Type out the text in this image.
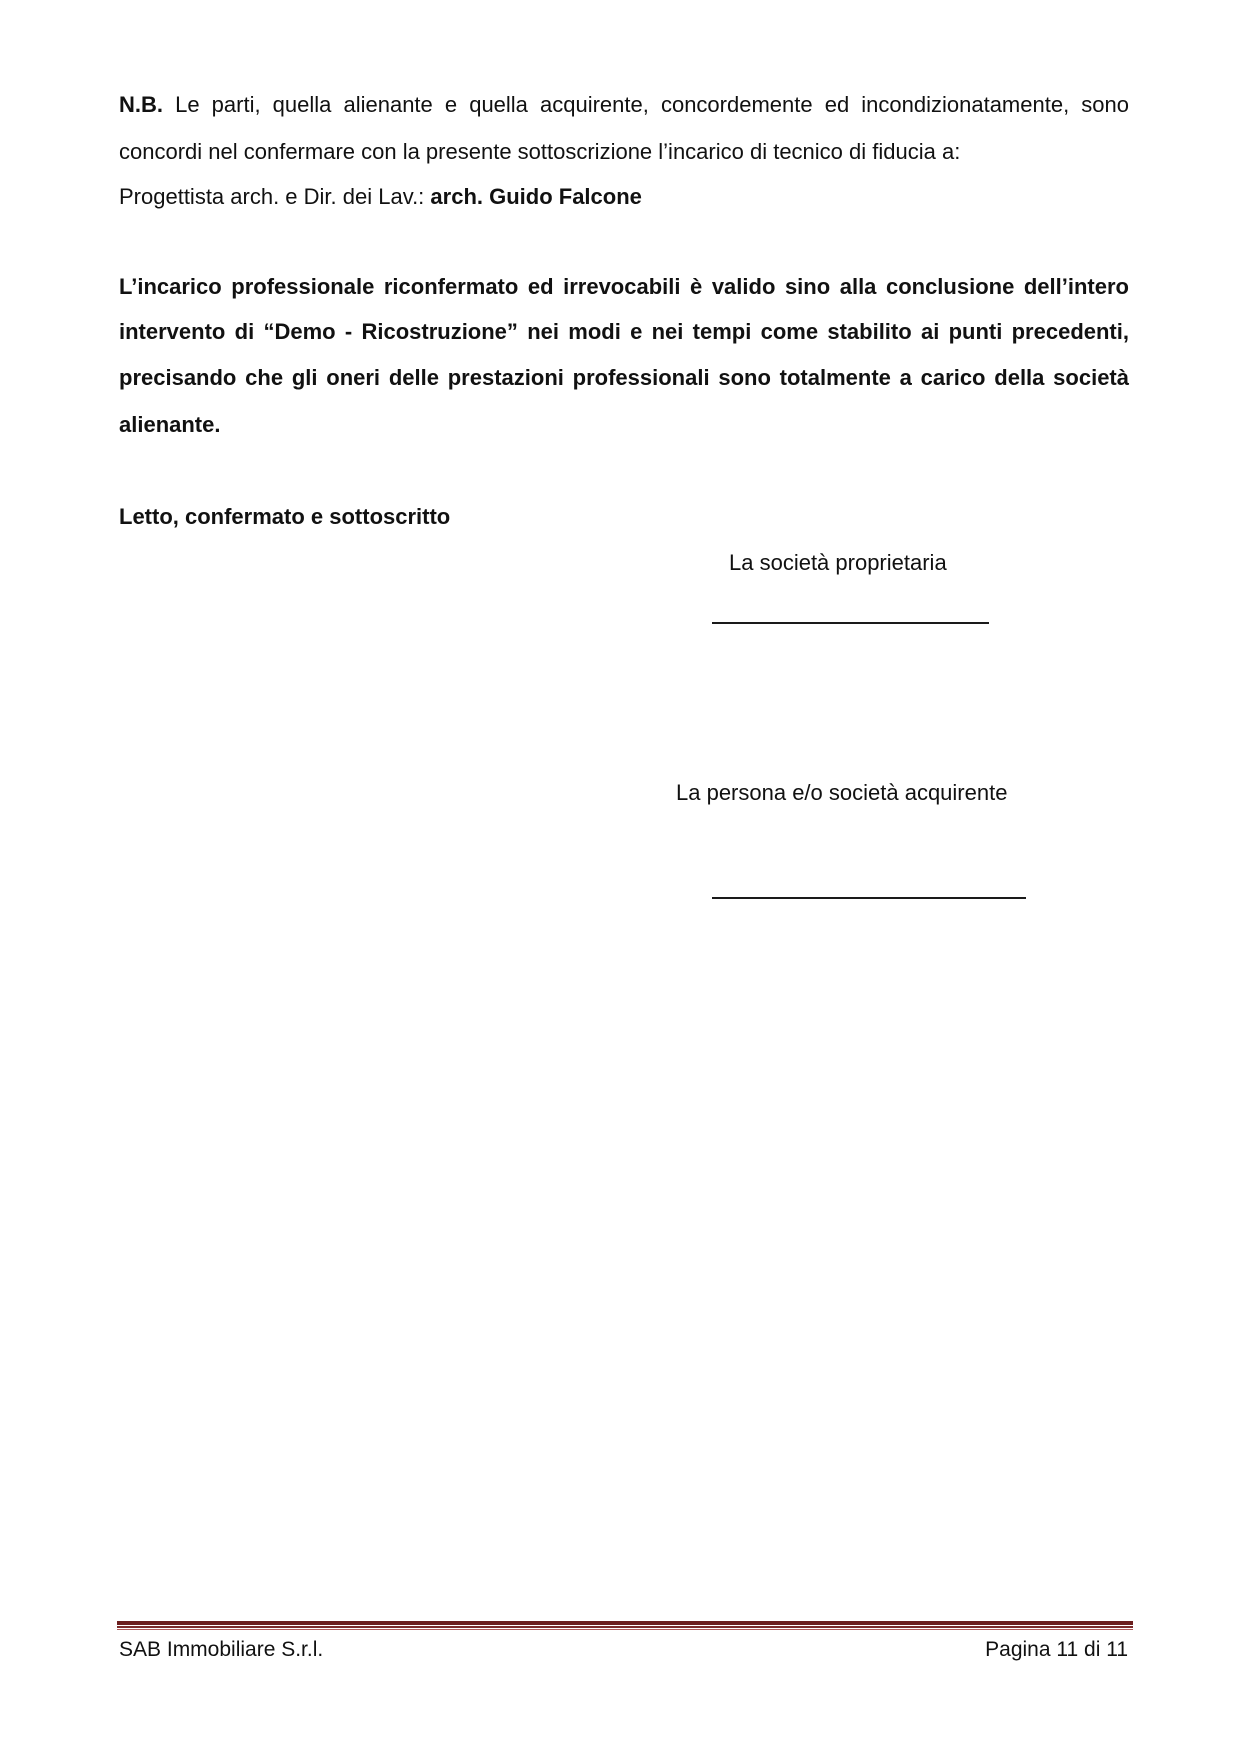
N.B. Le parti, quella alienante e quella acquirente, concordemente ed incondizionatamente, sono
concordi nel confermare con la presente sottoscrizione l’incarico di tecnico di fiducia a:
Progettista arch. e Dir. dei Lav.: arch. Guido Falcone
L’incarico professionale riconfermato ed irrevocabili è valido sino alla conclusione dell’intero
intervento di “Demo - Ricostruzione” nei modi e nei tempi come stabilito ai punti precedenti,
precisando che gli oneri delle prestazioni professionali sono totalmente a carico della società
alienante.
Letto, confermato e sottoscritto
La società proprietaria
La persona e/o società acquirente
SAB Immobiliare S.r.l.	Pagina 11 di 11
